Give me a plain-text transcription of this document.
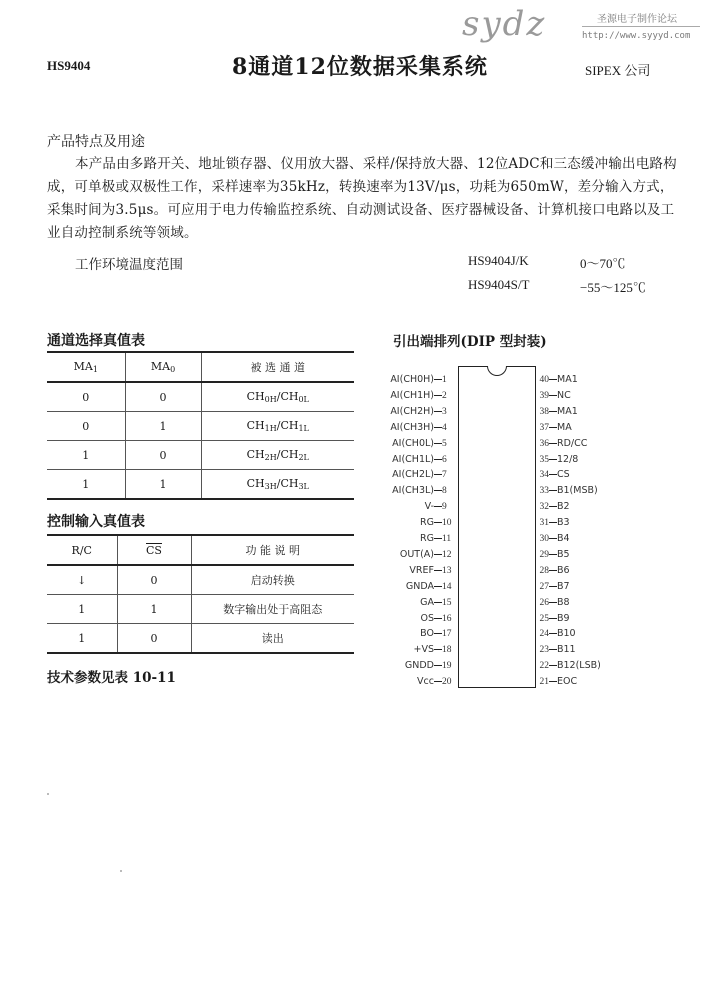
sydz	圣源电子制作论坛
http://www.syyyd.com
HS9404	8通道12位数据采集系统	SIPEX 公司
产品特点及用途
本产品由多路开关、地址锁存器、仪用放大器、采样/保持放大器、12位ADC和三态缓冲输出电路构成，可单极或双极性工作，采样速率为35kHz，转换速率为13V/μs，功耗为650mW，差分输入方式，采集时间为3.5μs。可应用于电力传输监控系统、自动测试设备、医疗器械设备、计算机接口电路以及工业自动控制系统等领域。
工作环境温度范围	HS9404J/K	0～70℃
HS9404S/T	−55～125℃
通道选择真值表
$MA_1$	$MA_0$	被 选 通 道
0	0	$CH_{0H}/CH_{0L}$
0	1	$CH_{1H}/CH_{1L}$
1	0	$CH_{2H}/CH_{2L}$
1	1	$CH_{3H}/CH_{3L}$
控制输入真值表
R/C	$\overline{CS}$	功 能 说 明
↓	0	启动转换
1	1	数字输出处于高阻态
1	0	读出
技术参数见表 10-11
引出端排列(DIP 型封装)
AI(CH0H) 1
AI(CH1H) 2
AI(CH2H) 3
AI(CH3H) 4
AI(CH0L) 5
AI(CH1L) 6
AI(CH2L) 7
AI(CH3L) 8
V- 9
RG 10
RG 11
OUT(A) 12
VREF 13
GNDA 14
GA 15
OS 16
BO 17
+VS 18
GNDD 19
Vcc 20
40 MA1
39 NC
38 MA1
37 MA
36 RD/CC
35 12/8
34 CS
33 B1(MSB)
32 B2
31 B3
30 B4
29 B5
28 B6
27 B7
26 B8
25 B9
24 B10
23 B11
22 B12(LSB)
21 EOC
